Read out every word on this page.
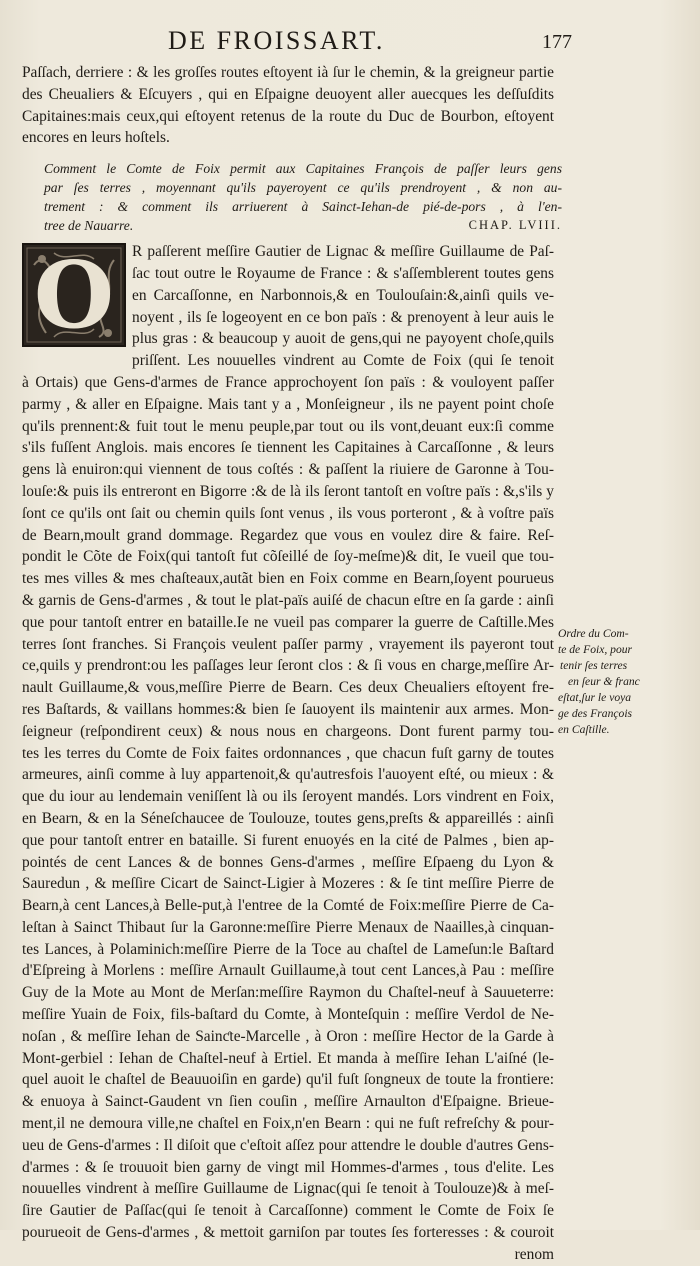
DE FROISSART.	177
Paſſach, derriere : & les groſſes routes eſtoyent ià ſur le chemin, & la greigneur partie
des Cheualiers & Eſcuyers , qui en Eſpaigne deuoyent aller auecques les deſſuſdits
Capitaines:mais ceux,qui eſtoyent retenus de la route du Duc de Bourbon, eſtoyent
encores en leurs hoſtels.
Comment le Comte de Foix permit aux Capitaines François de paſſer leurs gens
par ſes terres , moyennant qu'ils payeroyent ce qu'ils prendroyent , & non au-
trement : & comment ils arriuerent à Sainct-Iehan-de pié-de-pors , à l'en-
tree de Nauarre.	CHAP. LVIII.
O	R paſſerent meſſire Gautier de Lignac & meſſire Guillaume de Paſ-
ſac tout outre le Royaume de France : & s'aſſemblerent toutes gens
en Carcaſſonne, en Narbonnois,& en Toulouſain:&,ainſi quils ve-
noyent , ils ſe logeoyent en ce bon païs : & prenoyent à leur auis le
plus gras : & beaucoup y auoit de gens,qui ne payoyent choſe,quils
priſſent. Les nouuelles vindrent au Comte de Foix (qui ſe tenoit
à Ortais) que Gens-d'armes de France approchoyent ſon païs : & vouloyent paſſer
parmy , & aller en Eſpaigne. Mais tant y a , Monſeigneur , ils ne payent point choſe
qu'ils prennent:& fuit tout le menu peuple,par tout ou ils vont,deuant eux:ſi comme
s'ils fuſſent Anglois. mais encores ſe tiennent les Capitaines à Carcaſſonne , & leurs
gens là enuiron:qui viennent de tous coſtés : & paſſent la riuiere de Garonne à Tou-
louſe:& puis ils entreront en Bigorre :& de là ils ſeront tantoſt en voſtre païs : &,s'ils y
ſont ce qu'ils ont ſait ou chemin quils ſont venus , ils vous porteront , & à voſtre païs
de Bearn,moult grand dommage. Regardez que vous en voulez dire & faire. Reſ-
pondit le Cõte de Foix(qui tantoſt fut cõſeillé de ſoy-meſme)& dit, Ie vueil que tou-
tes mes villes & mes chaſteaux,autãt bien en Foix comme en Bearn,ſoyent pourueus
& garnis de Gens-d'armes , & tout le plat-païs auiſé de chacun eſtre en ſa garde : ainſi
que pour tantoſt entrer en bataille.Ie ne vueil pas comparer la guerre de Caſtille.Mes
terres ſont franches. Si François veulent paſſer parmy , vrayement ils payeront tout
ce,quils y prendront:ou les paſſages leur ſeront clos : & ſi vous en charge,meſſire Ar-
nault Guillaume,& vous,meſſire Pierre de Bearn. Ces deux Cheualiers eſtoyent fre-
res Baſtards, & vaillans hommes:& bien ſe ſauoyent ils maintenir aux armes. Mon-
ſeigneur (reſpondirent ceux) & nous nous en chargeons. Dont furent parmy tou-
tes les terres du Comte de Foix faites ordonnances , que chacun fuſt garny de toutes
armeures, ainſi comme à luy appartenoit,& qu'autresfois l'auoyent eſté, ou mieux : &
que du iour au lendemain veniſſent là ou ils ſeroyent mandés. Lors vindrent en Foix,
en Bearn, & en la Séneſchaucee de Toulouze, toutes gens,preſts & appareillés : ainſi
que pour tantoſt entrer en bataille. Si furent enuoyés en la cité de Palmes , bien ap-
pointés de cent Lances & de bonnes Gens-d'armes , meſſire Eſpaeng du Lyon &
Sauredun , & meſſire Cicart de Sainct-Ligier à Mozeres : & ſe tint meſſire Pierre de
Bearn,à cent Lances,à Belle-put,à l'entree de la Comté de Foix:meſſire Pierre de Ca-
leſtan à Sainct Thibaut ſur la Garonne:meſſire Pierre Menaux de Naailles,à cinquan-
tes Lances, à Polaminich:meſſire Pierre de la Toce au chaſtel de Lameſun:le Baſtard
d'Eſpreing à Morlens : meſſire Arnault Guillaume,à tout cent Lances,à Pau : meſſire
Guy de la Mote au Mont de Merſan:meſſire Raymon du Chaſtel-neuf à Sauueterre:
meſſire Yuain de Foix, fils-baſtard du Comte, à Monteſquin : meſſire Verdol de Ne-
noſan , & meſſire Iehan de Sainƈte-Marcelle , à Oron : meſſire Hector de la Garde à
Mont-gerbiel : Iehan de Chaſtel-neuf à Ertiel. Et manda à meſſire Iehan L'aiſné (le-
quel auoit le chaſtel de Beauuoiſin en garde) qu'il fuſt ſongneux de toute la frontiere:
& enuoya à Sainct-Gaudent vn ſien couſin , meſſire Arnaulton d'Eſpaigne. Brieue-
ment,il ne demoura ville,ne chaſtel en Foix,n'en Bearn : qui ne fuſt refreſchy & pour-
ueu de Gens-d'armes : Il diſoit que c'eſtoit aſſez pour attendre le double d'autres Gens-
d'armes : & ſe trouuoit bien garny de vingt mil Hommes-d'armes , tous d'elite. Les
nouuelles vindrent à meſſire Guillaume de Lignac(qui ſe tenoit à Toulouze)& à meſ-
ſire Gautier de Paſſac(qui ſe tenoit à Carcaſſonne) comment le Comte de Foix ſe
pourueoit de Gens-d'armes , & mettoit garniſon par toutes ſes forteresses : & couroit
renom
Ordre du Com-
te de Foix, pour
tenir ſes terres
en ſeur & franc
eſtat,ſur le voya
ge des François
en Caſtille.
